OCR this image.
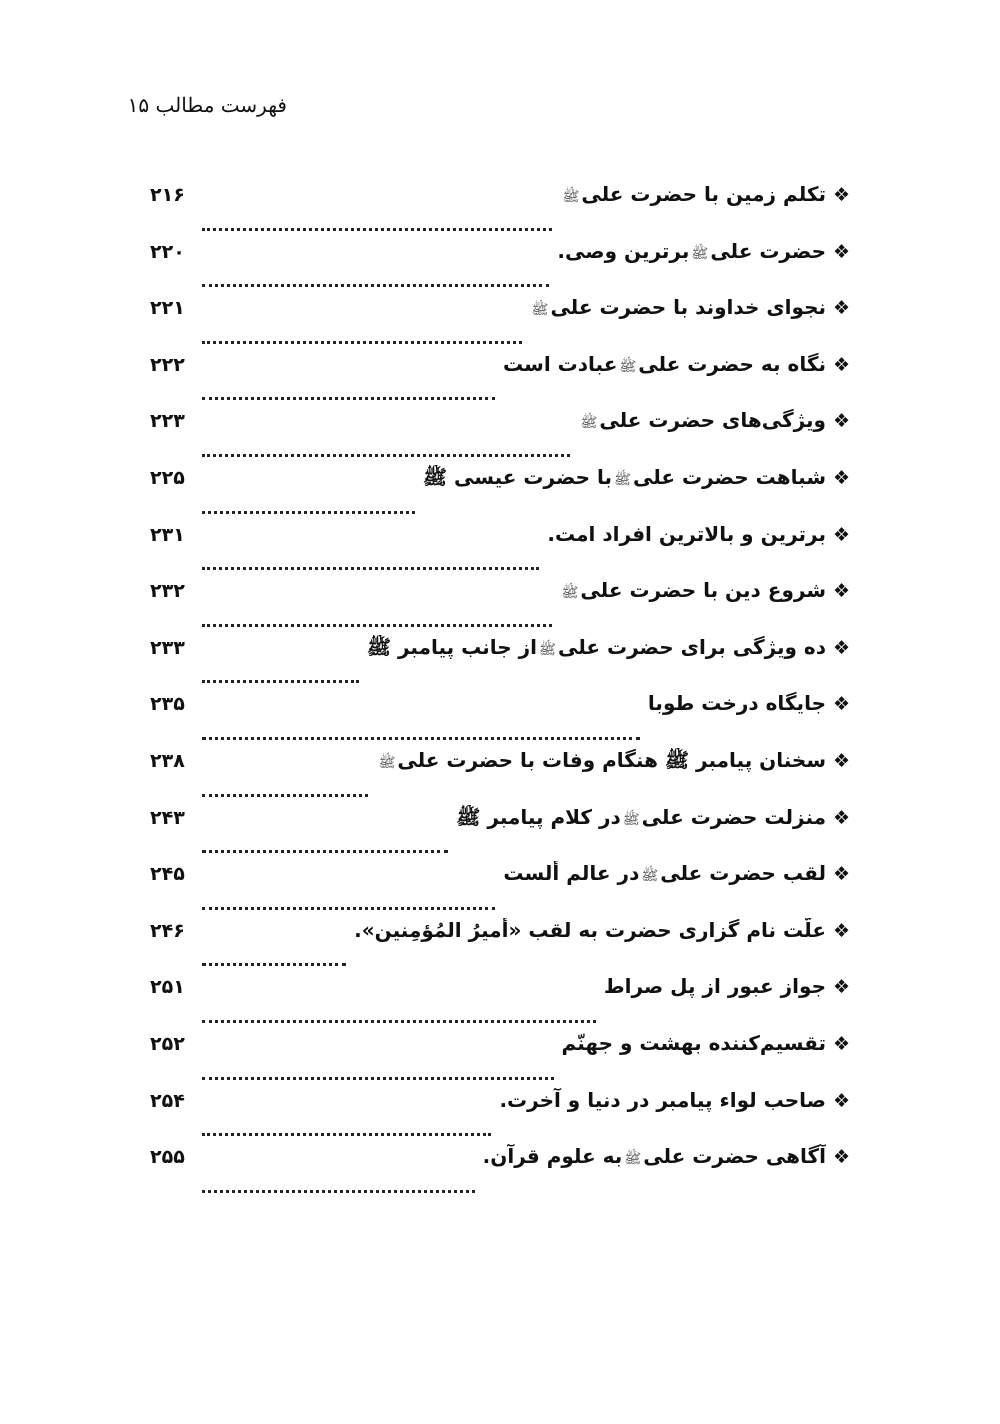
فهرست مطالب ۱۵
❖
تکلم زمین با حضرت علیﷺ
۲۱۶
❖
حضرت علیﷺبرترین وصی.
۲۲۰
❖
نجوای خداوند با حضرت علیﷺ
۲۲۱
❖
نگاه به حضرت علیﷺعبادت است
۲۲۲
❖
ویژگی‌های حضرت علیﷺ
۲۲۳
❖
شباهت حضرت علیﷺبا حضرت عیسی ﷺ
۲۲۵
❖
برترین و بالاترین افراد امت.
۲۳۱
❖
شروع دین با حضرت علیﷺ
۲۳۲
❖
ده ویژگی برای حضرت علیﷺاز جانب پیامبر ﷺ
۲۳۳
❖
جایگاه درخت طوبا
۲۳۵
❖
سخنان پیامبر ﷺ هنگام وفات با حضرت علیﷺ
۲۳۸
❖
منزلت حضرت علیﷺدر کلام پیامبر ﷺ
۲۴۳
❖
لقب حضرت علیﷺدر عالم ألست
۲۴۵
❖
علّت نام گزاری حضرت به لقب «أميرُ المُؤمِنين».
۲۴۶
❖
جواز عبور از پل صراط
۲۵۱
❖
تقسیم‌کننده بهشت و جهنّم
۲۵۲
❖
صاحب لواء پیامبر در دنیا و آخرت.
۲۵۴
❖
آگاهی حضرت علیﷺبه علوم قرآن.
۲۵۵
